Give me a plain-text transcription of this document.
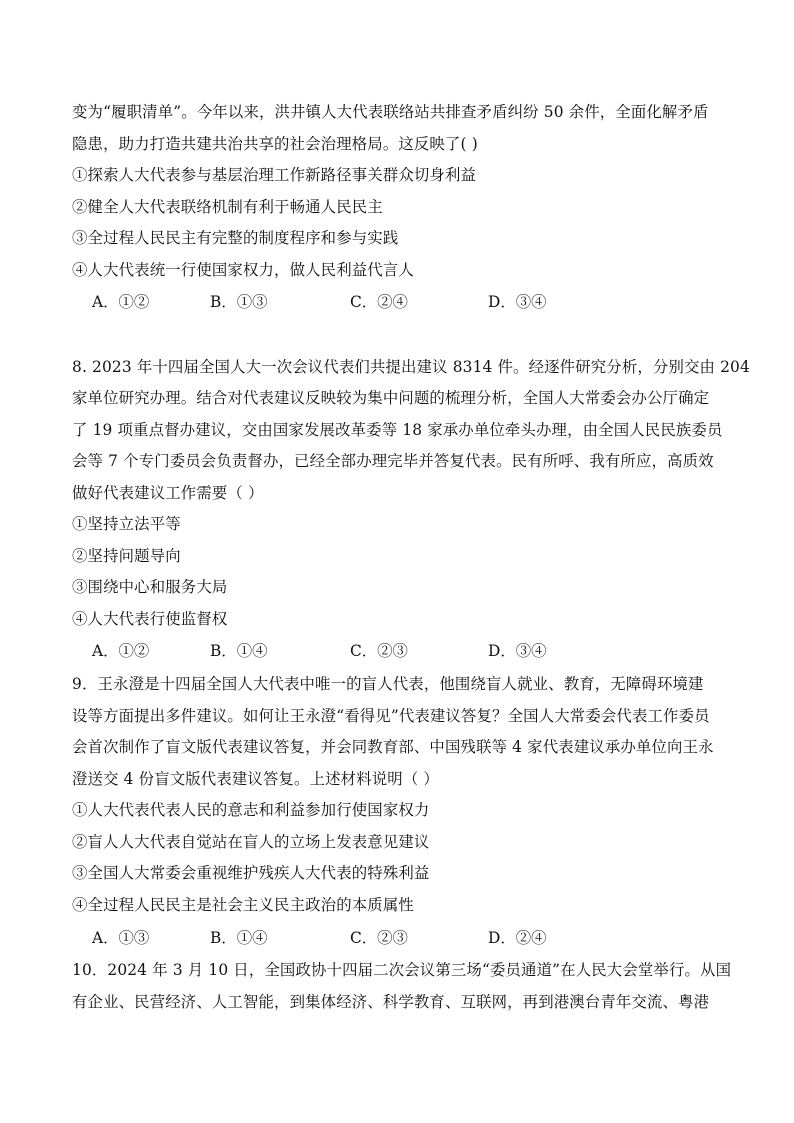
变为“履职清单”。今年以来，洪井镇人大代表联络站共排查矛盾纠纷 50 余件，全面化解矛盾
隐患，助力打造共建共治共享的社会治理格局。这反映了( )
①探索人大代表参与基层治理工作新路径事关群众切身利益
②健全人大代表联络机制有利于畅通人民民主
③全过程人民民主有完整的制度程序和参与实践
④人大代表统一行使国家权力，做人民利益代言人
A．①②	B．①③	C．②④	D．③④
8. 2023 年十四届全国人大一次会议代表们共提出建议 8314 件。经逐件研究分析，分别交由 204
家单位研究办理。结合对代表建议反映较为集中问题的梳理分析，全国人大常委会办公厅确定
了 19 项重点督办建议，交由国家发展改革委等 18 家承办单位牵头办理，由全国人民民族委员
会等 7 个专门委员会负责督办，已经全部办理完毕并答复代表。民有所呼、我有所应，高质效
做好代表建议工作需要（ ）
①坚持立法平等
②坚持问题导向
③围绕中心和服务大局
④人大代表行使监督权
A．①②	B．①④	C．②③	D．③④
9．王永澄是十四届全国人大代表中唯一的盲人代表，他围绕盲人就业、教育，无障碍环境建
设等方面提出多件建议。如何让王永澄“看得见”代表建议答复？全国人大常委会代表工作委员
会首次制作了盲文版代表建议答复，并会同教育部、中国残联等 4 家代表建议承办单位向王永
澄送交 4 份盲文版代表建议答复。上述材料说明（ ）
①人大代表代表人民的意志和利益参加行使国家权力
②盲人人大代表自觉站在盲人的立场上发表意见建议
③全国人大常委会重视维护残疾人大代表的特殊利益
④全过程人民民主是社会主义民主政治的本质属性
A．①③	B．①④	C．②③	D．②④
10．2024 年 3 月 10 日，全国政协十四届二次会议第三场“委员通道”在人民大会堂举行。从国
有企业、民营经济、人工智能，到集体经济、科学教育、互联网，再到港澳台青年交流、粤港
